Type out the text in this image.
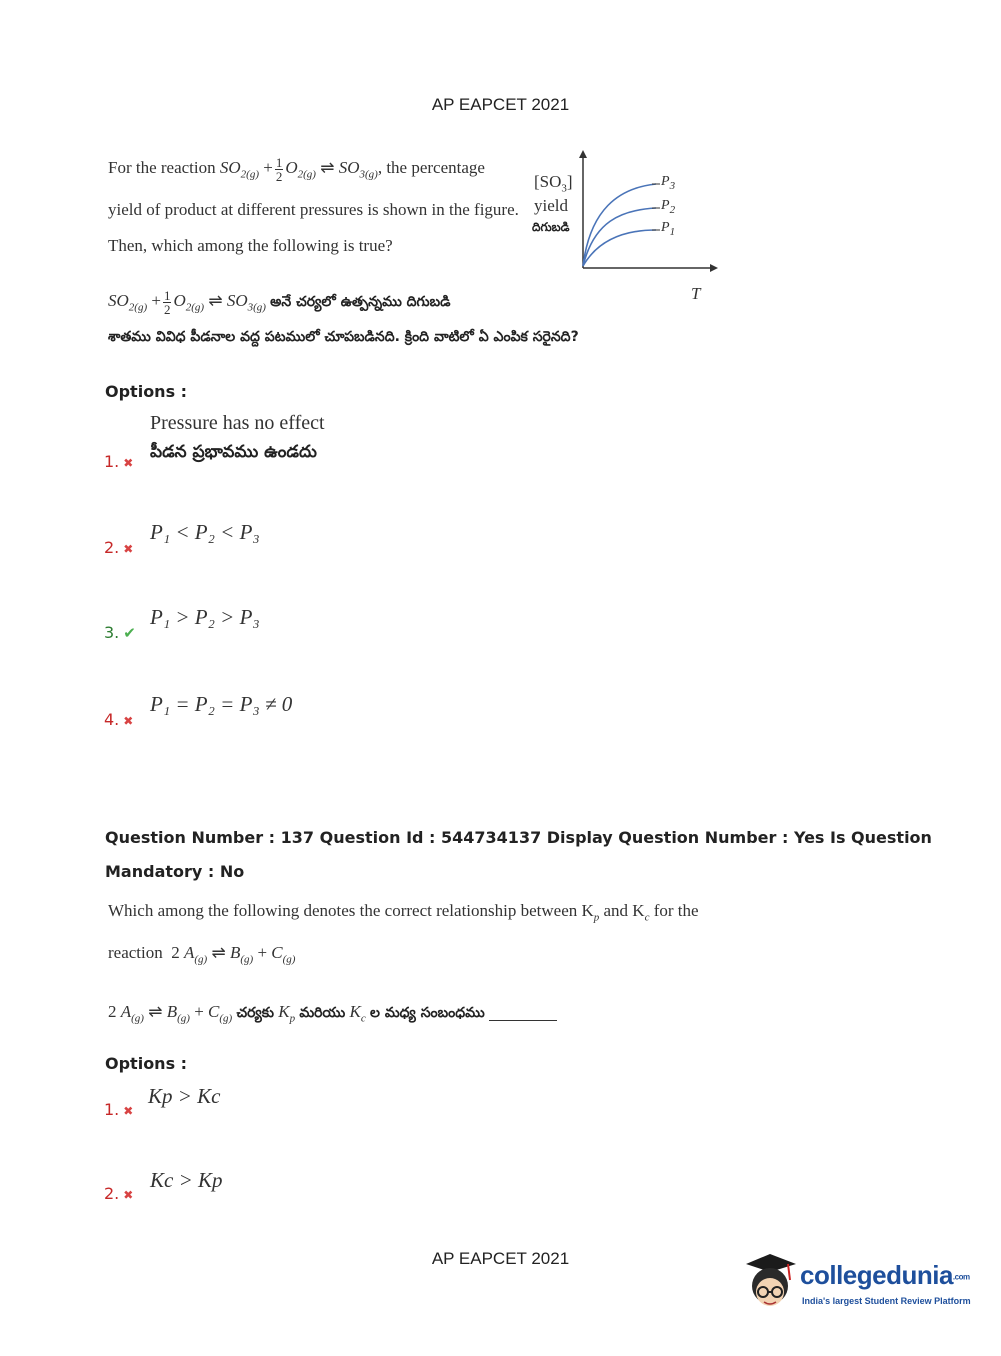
AP EAPCET 2021
For the reaction $SO_{2(g)} + \frac{1}{2} O_{2(g)}$ ⇌ $SO_{3(g)}$, the percentage
yield of product at different pressures is shown in the figure.
Then, which among the following is true?
$[SO_3]$
yield
దిగుబడి
$P_3$
$P_2$
$P_1$
T
$SO_{2(g)} + \frac{1}{2} O_{2(g)}$ ⇌ $SO_{3(g)}$ అనే చర్యలో ఉత్పన్నము దిగుబడి
శాతము వివిధ పీడనాల వద్ద పటములో చూపబడినది. క్రింది వాటిలో ఏ ఎంపిక సరైనది?
Options :
1. ✖
Pressure has no effect
పీడన ప్రభావము ఉండదు
2. ✖
P₁ < P₂ < P₃
3. ✔
P₁ > P₂ > P₃
4. ✖
P₁ = P₂ = P₃ ≠ 0
Question Number : 137 Question Id : 544734137 Display Question Number : Yes Is Question
Mandatory : No
Which among the following denotes the correct relationship between $K_p$ and $K_c$ for the
reaction  2 $A_{(g)}$ ⇌ $B_{(g)} + C_{(g)}$
2 $A_{(g)}$ ⇌ $B_{(g)} + C_{(g)}$ చర్యకు $K_p$ మరియు $K_c$ ల మధ్య సంబంధము
Options :
1. ✖
Kp > Kc
2. ✖
Kc > Kp
AP EAPCET 2021
collegedunia.com
India's largest Student Review Platform
